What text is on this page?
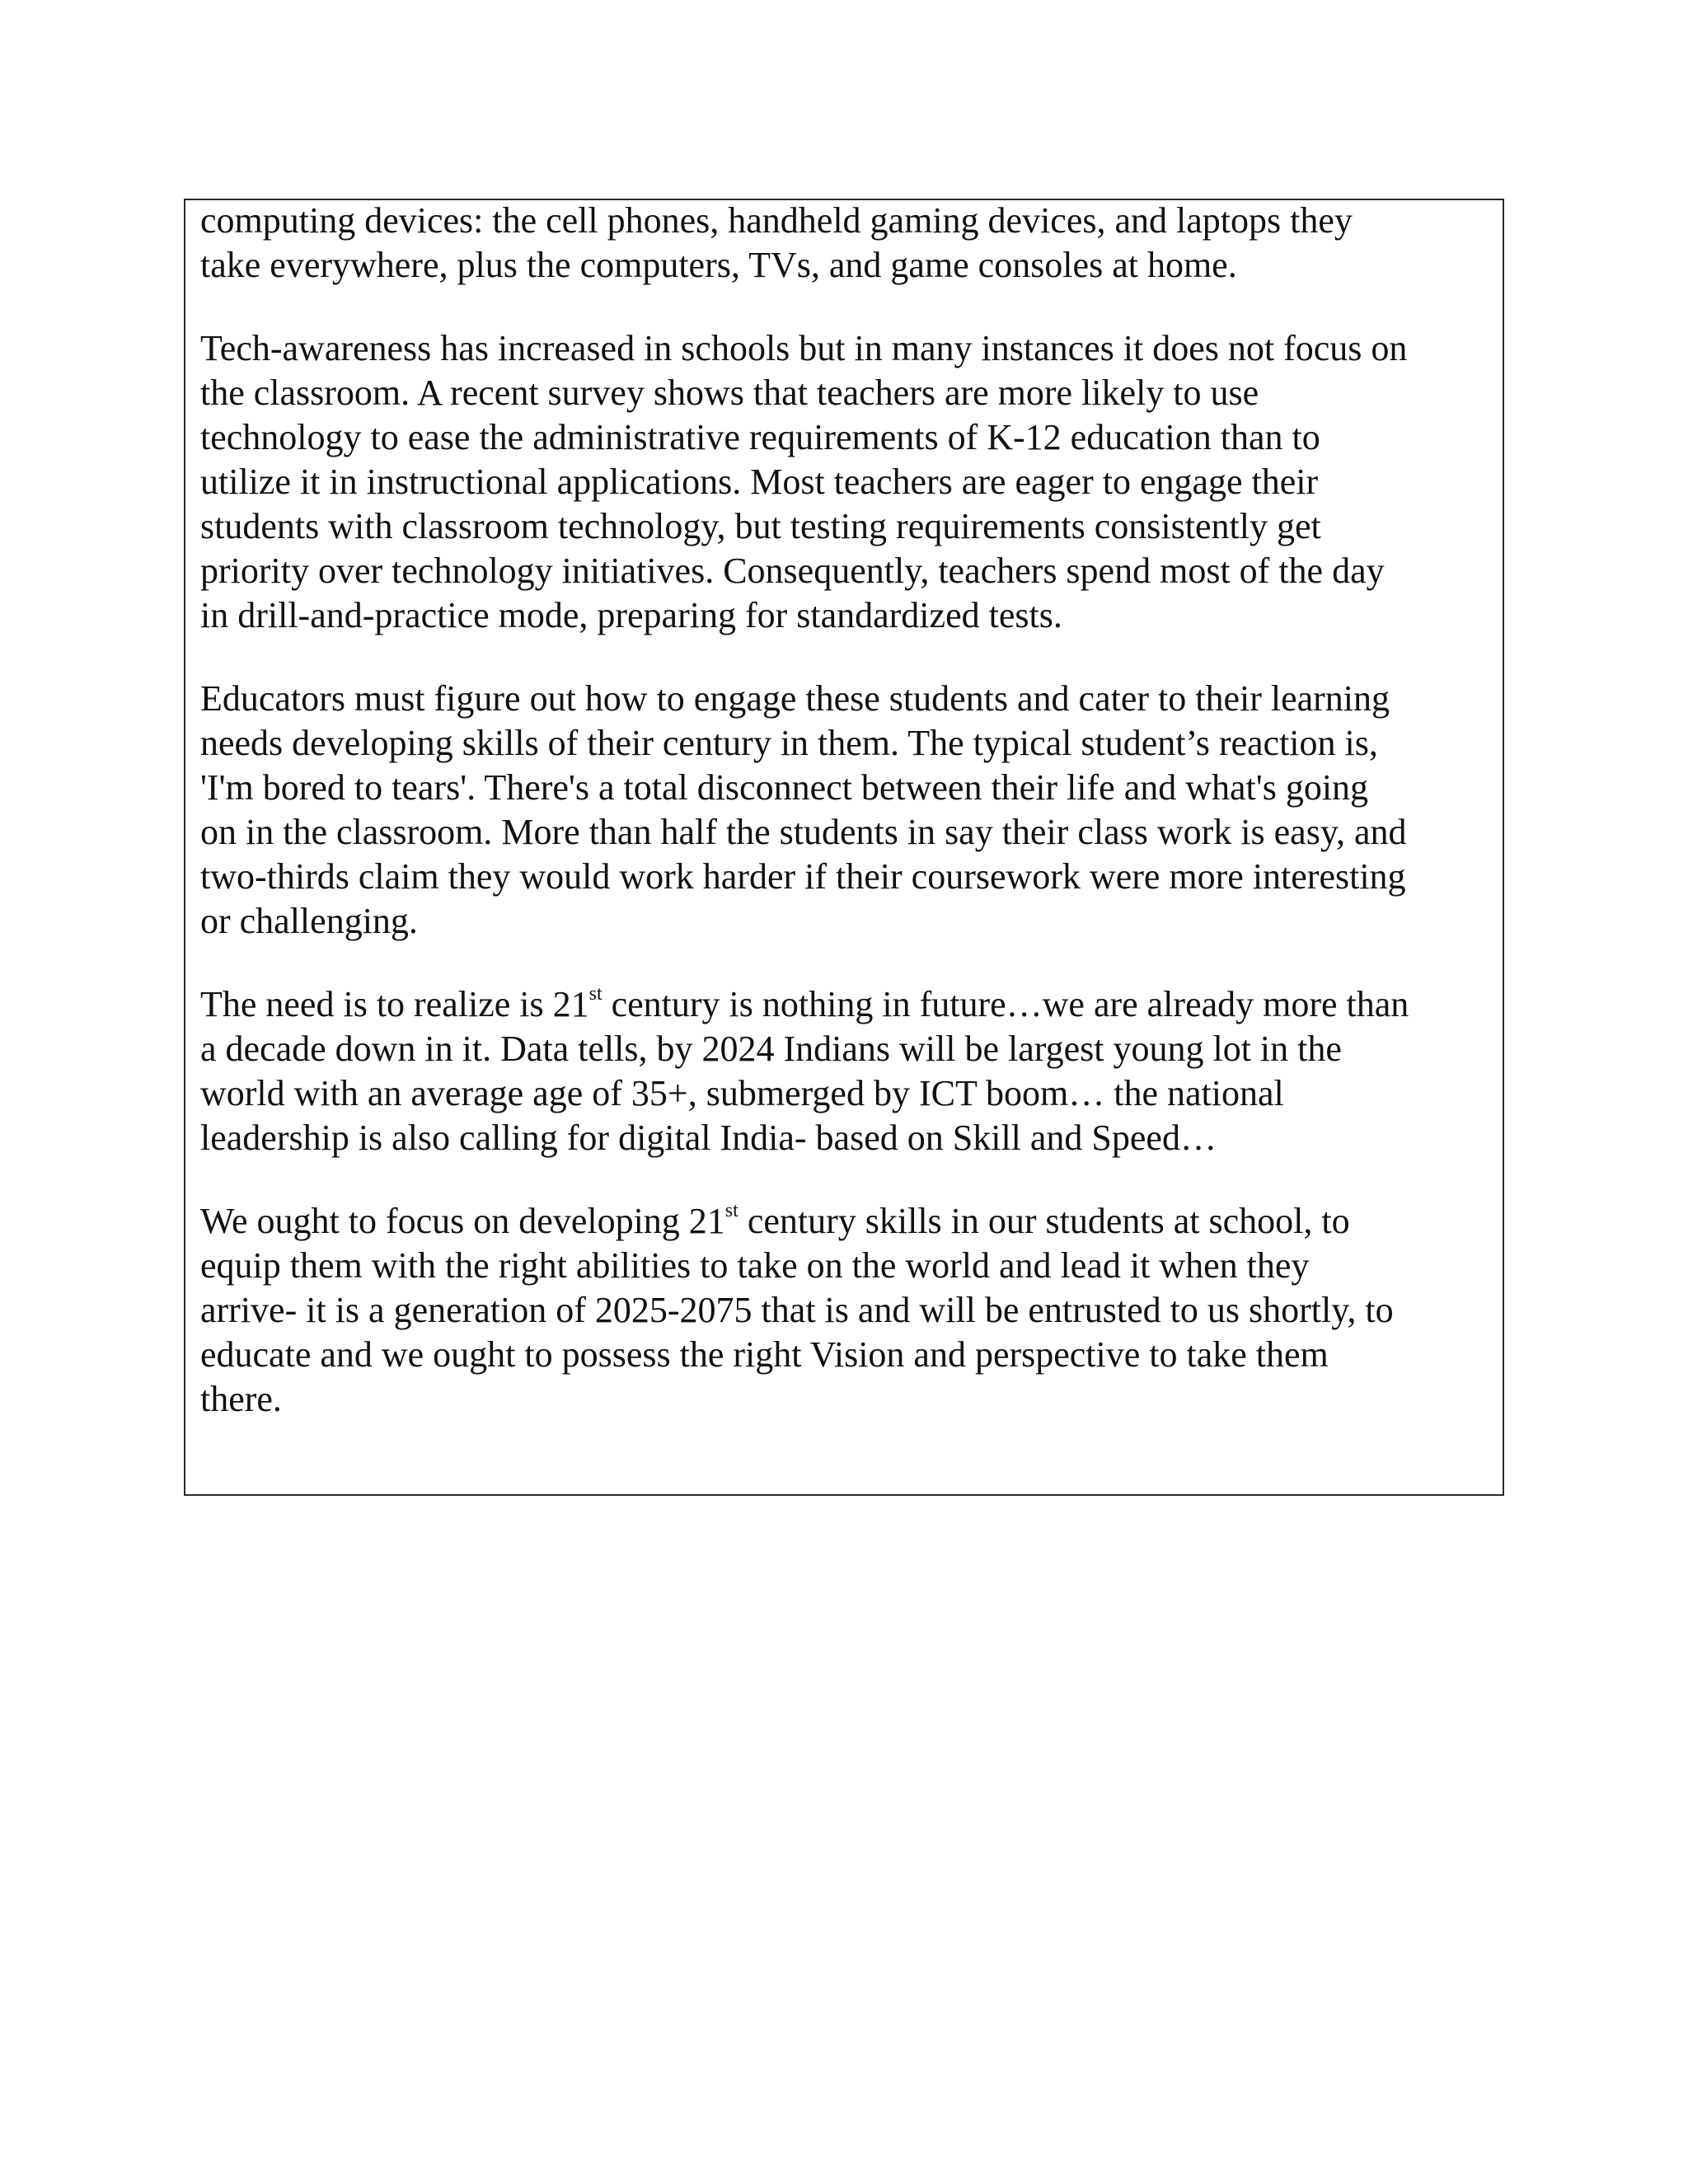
computing devices: the cell phones, handheld gaming devices, and laptops they
take everywhere, plus the computers, TVs, and game consoles at home.

Tech-awareness has increased in schools but in many instances it does not focus on
the classroom. A recent survey shows that teachers are more likely to use
technology to ease the administrative requirements of K-12 education than to
utilize it in instructional applications. Most teachers are eager to engage their
students with classroom technology, but testing requirements consistently get
priority over technology initiatives. Consequently, teachers spend most of the day
in drill-and-practice mode, preparing for standardized tests.

Educators must figure out how to engage these students and cater to their learning
needs developing skills of their century in them. The typical student’s reaction is,
'I'm bored to tears'. There's a total disconnect between their life and what's going
on in the classroom. More than half the students in say their class work is easy, and
two-thirds claim they would work harder if their coursework were more interesting
or challenging.

The need is to realize is 21st century is nothing in future…we are already more than
a decade down in it. Data tells, by 2024 Indians will be largest young lot in the
world with an average age of 35+, submerged by ICT boom… the national
leadership is also calling for digital India- based on Skill and Speed…

We ought to focus on developing 21st century skills in our students at school, to
equip them with the right abilities to take on the world and lead it when they
arrive- it is a generation of 2025-2075 that is and will be entrusted to us shortly, to
educate and we ought to possess the right Vision and perspective to take them
there.
